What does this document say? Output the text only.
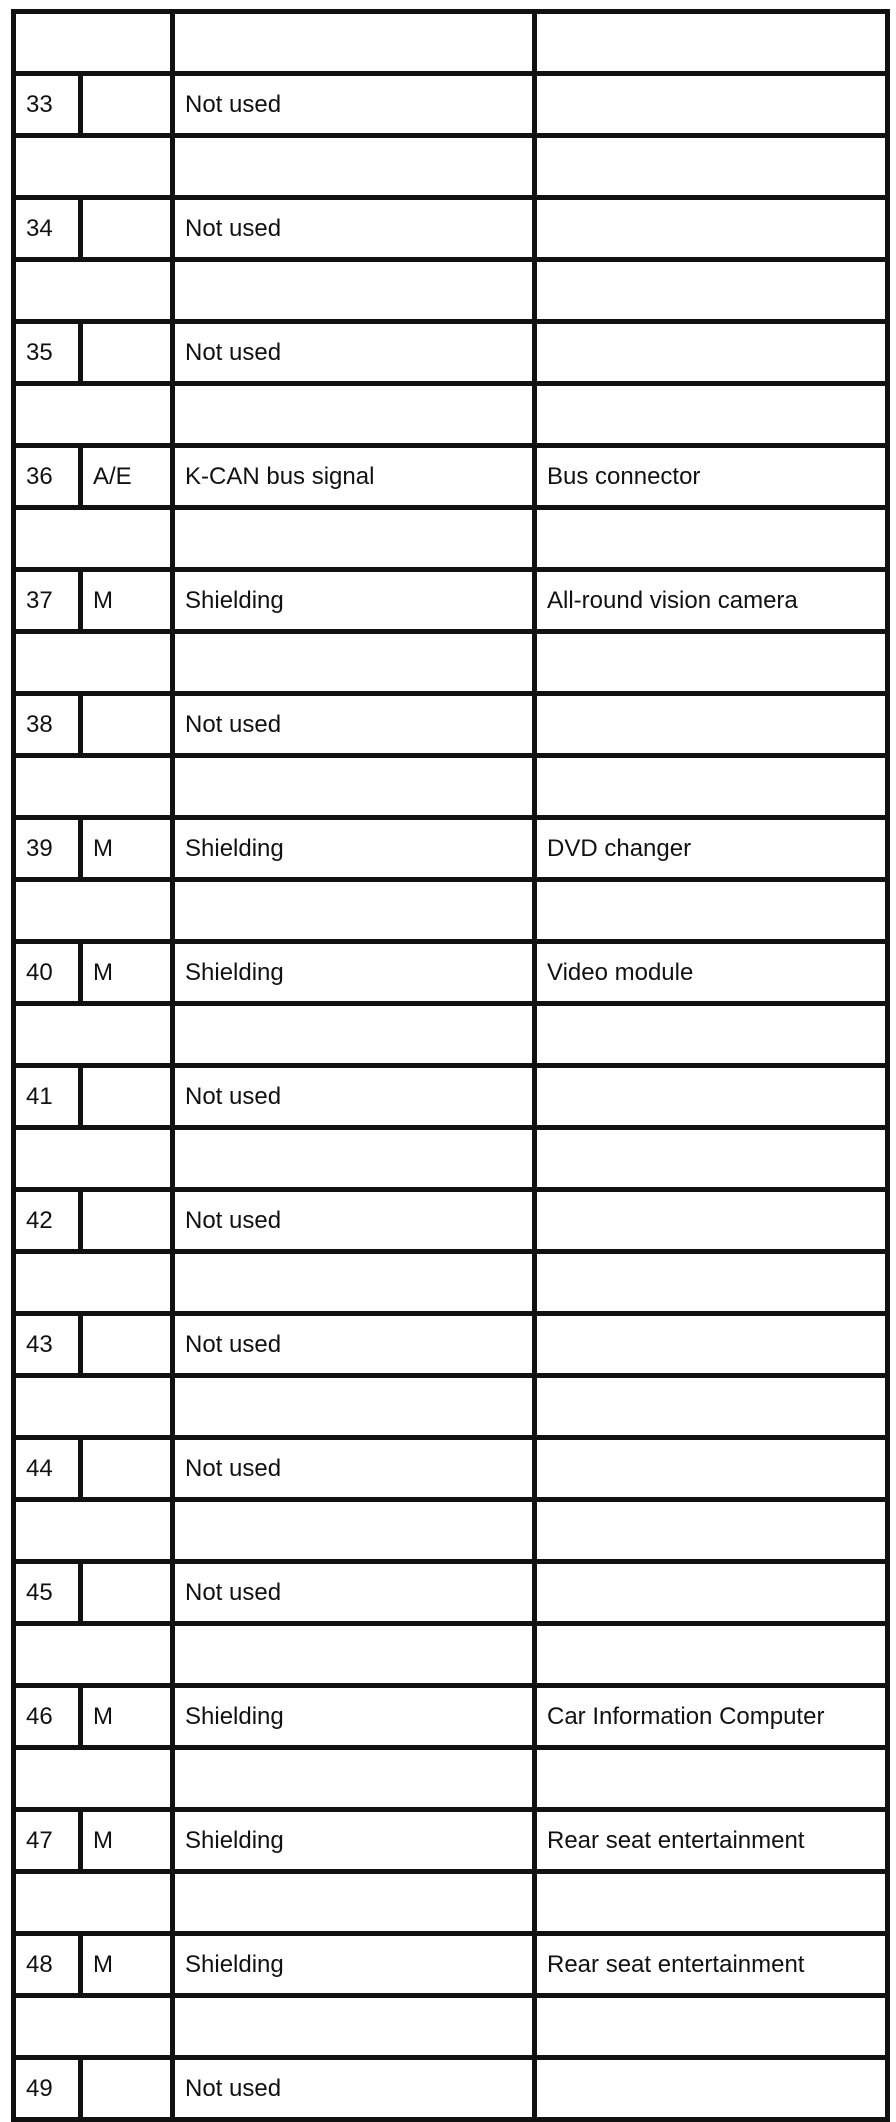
33		Not used	

34		Not used	

35		Not used	

36	A/E	K-CAN bus signal	Bus connector

37	M	Shielding	All-round vision camera

38		Not used	

39	M	Shielding	DVD changer

40	M	Shielding	Video module

41		Not used	

42		Not used	

43		Not used	

44		Not used	

45		Not used	

46	M	Shielding	Car Information Computer

47	M	Shielding	Rear seat entertainment

48	M	Shielding	Rear seat entertainment

49		Not used	
